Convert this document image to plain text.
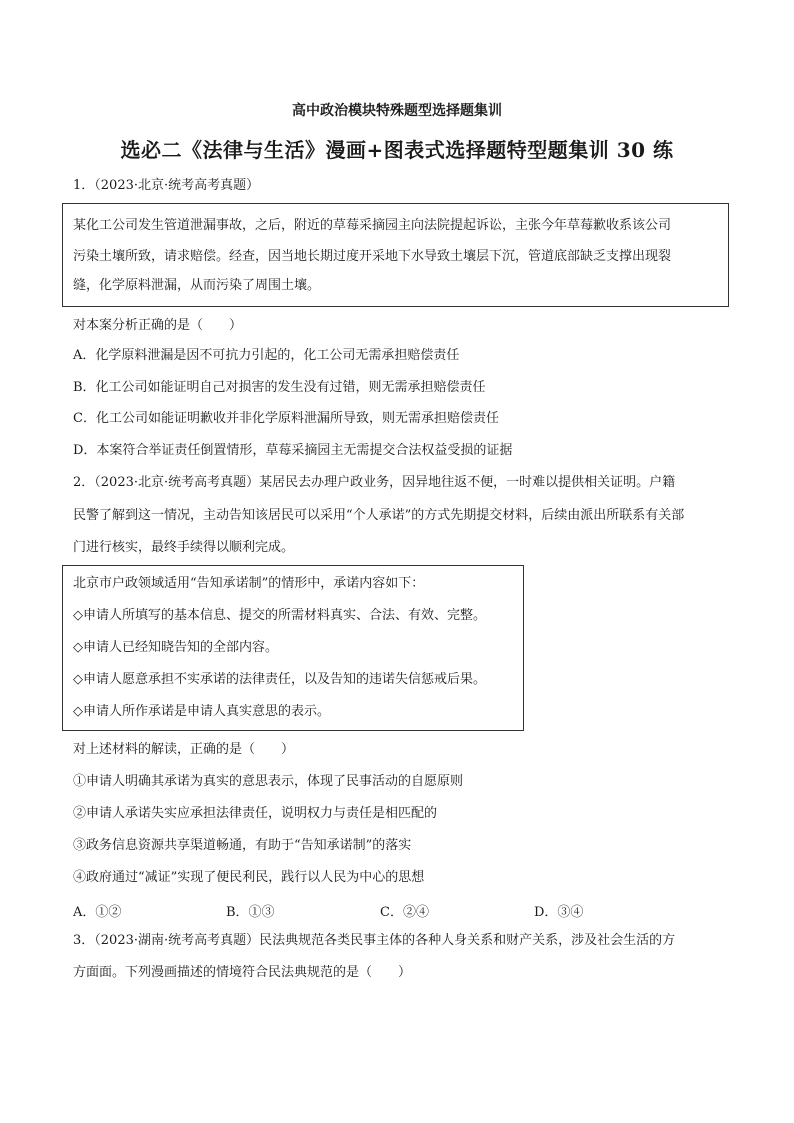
高中政治模块特殊题型选择题集训
选必二《法律与生活》漫画+图表式选择题特型题集训 30 练
1．（2023·北京·统考高考真题）
某化工公司发生管道泄漏事故，之后，附近的草莓采摘园主向法院提起诉讼，主张今年草莓歉收系该公司
污染土壤所致，请求赔偿。经查，因当地长期过度开采地下水导致土壤层下沉，管道底部缺乏支撑出现裂
缝，化学原料泄漏，从而污染了周围土壤。
对本案分析正确的是（　　）
A．化学原料泄漏是因不可抗力引起的，化工公司无需承担赔偿责任
B．化工公司如能证明自己对损害的发生没有过错，则无需承担赔偿责任
C．化工公司如能证明歉收并非化学原料泄漏所导致，则无需承担赔偿责任
D．本案符合举证责任倒置情形，草莓采摘园主无需提交合法权益受损的证据
2．（2023·北京·统考高考真题）某居民去办理户政业务，因异地往返不便，一时难以提供相关证明。户籍
民警了解到这一情况，主动告知该居民可以采用“个人承诺”的方式先期提交材料，后续由派出所联系有关部
门进行核实，最终手续得以顺利完成。
北京市户政领域适用“告知承诺制”的情形中，承诺内容如下：
◇申请人所填写的基本信息、提交的所需材料真实、合法、有效、完整。
◇申请人已经知晓告知的全部内容。
◇申请人愿意承担不实承诺的法律责任，以及告知的违诺失信惩戒后果。
◇申请人所作承诺是申请人真实意思的表示。
对上述材料的解读，正确的是（　　）
①申请人明确其承诺为真实的意思表示，体现了民事活动的自愿原则
②申请人承诺失实应承担法律责任，说明权力与责任是相匹配的
③政务信息资源共享渠道畅通，有助于“告知承诺制”的落实
④政府通过“减证”实现了便民利民，践行以人民为中心的思想
A．①②	B．①③	C．②④	D．③④
3．（2023·湖南·统考高考真题）民法典规范各类民事主体的各种人身关系和财产关系，涉及社会生活的方
方面面。下列漫画描述的情境符合民法典规范的是（　　）
